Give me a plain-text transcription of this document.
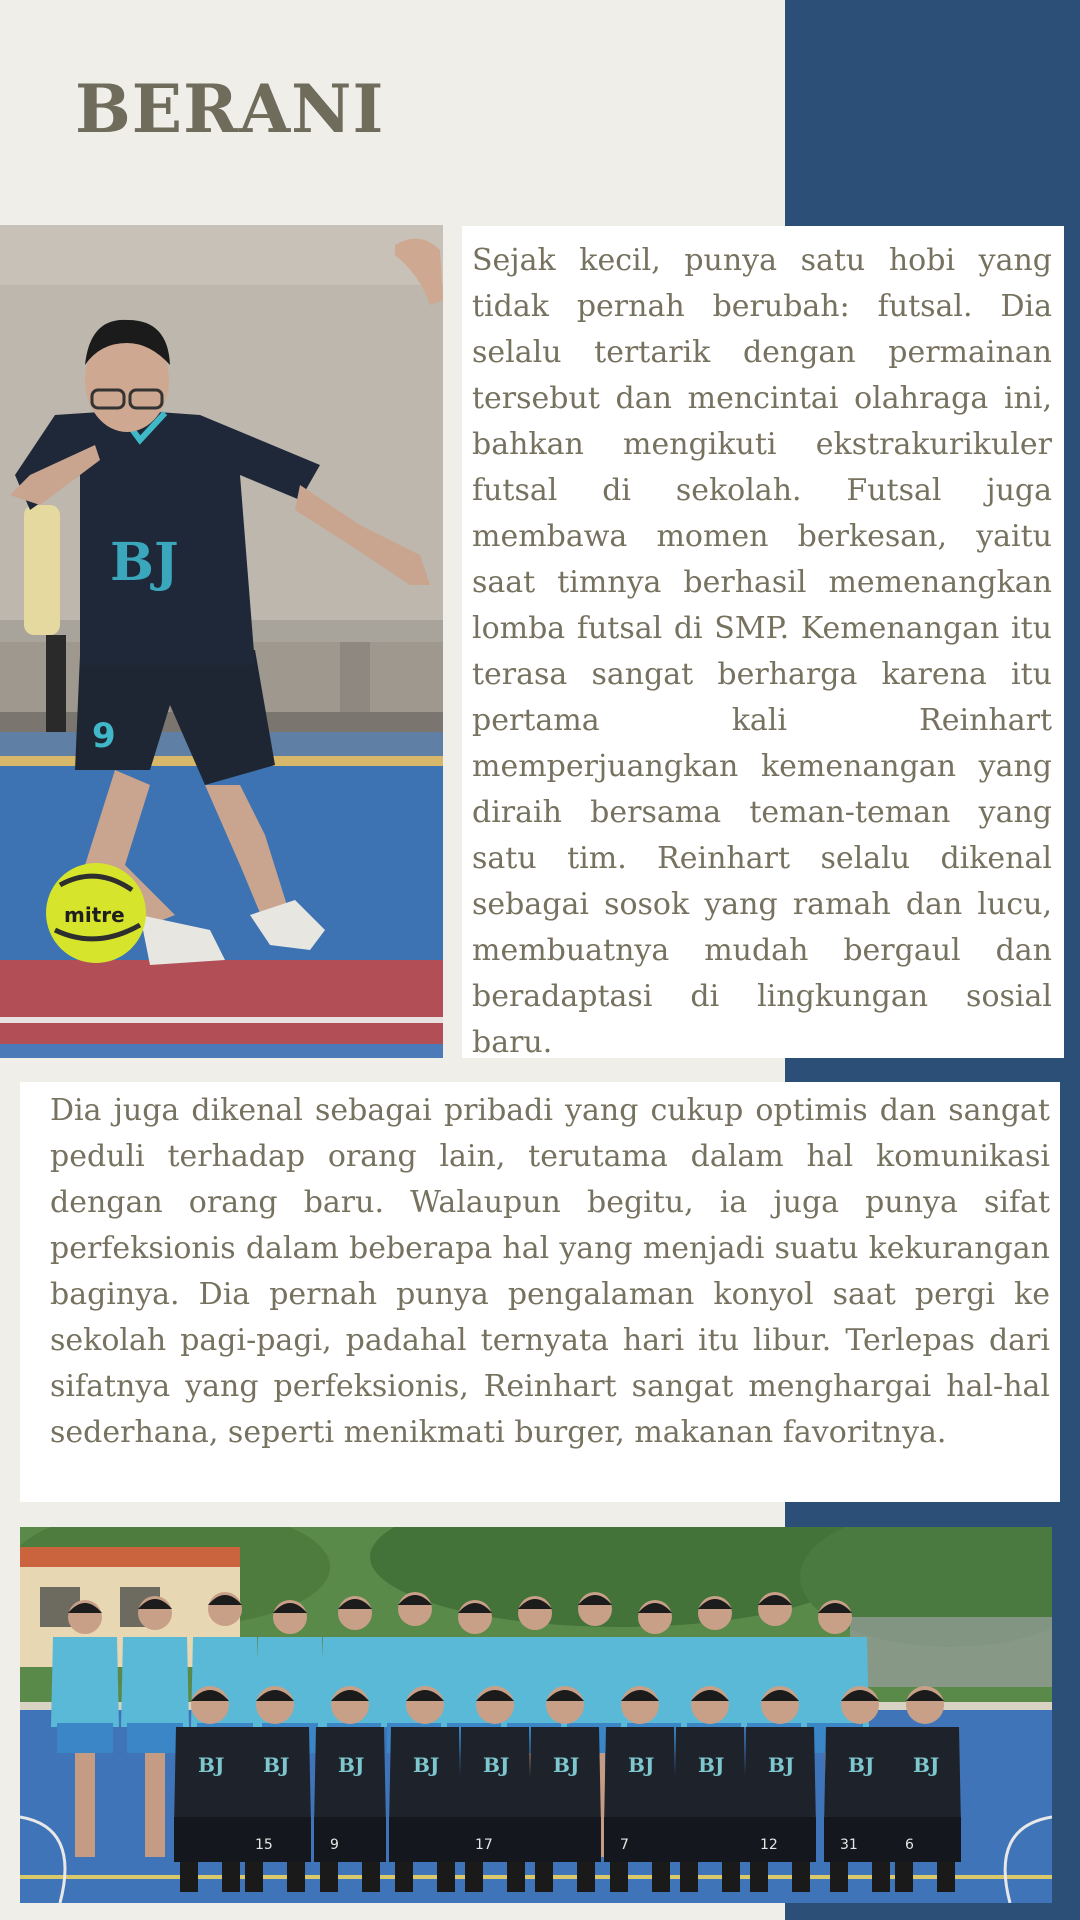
BERANI
9
BJ
mitre

Sejak kecil, punya satu hobi yang tidak pernah berubah: futsal. Dia selalu tertarik dengan permainan tersebut dan mencintai olahraga ini, bahkan mengikuti ekstrakurikuler futsal di sekolah. Futsal juga membawa momen berkesan, yaitu saat timnya berhasil memenangkan lomba futsal di SMP. Kemenangan itu terasa sangat berharga karena itu pertama kali Reinhart memperjuangkan kemenangan yang diraih bersama teman-teman yang satu tim. Reinhart selalu dikenal sebagai sosok yang ramah dan lucu, membuatnya mudah bergaul dan beradaptasi di lingkungan sosial baru.

Dia juga dikenal sebagai pribadi yang cukup optimis dan sangat peduli terhadap orang lain, terutama dalam hal komunikasi dengan orang baru. Walaupun begitu, ia juga punya sifat perfeksionis dalam beberapa hal yang menjadi suatu kekurangan baginya. Dia pernah punya pengalaman konyol saat pergi ke sekolah pagi-pagi, padahal ternyata hari itu libur. Terlepas dari sifatnya yang perfeksionis, Reinhart sangat menghargai hal-hal sederhana, seperti menikmati burger, makanan favoritnya.

BJ BJ BJ BJ BJ BJ BJ BJ BJ	BJ BJ
15	9	17	7	12	31	6
